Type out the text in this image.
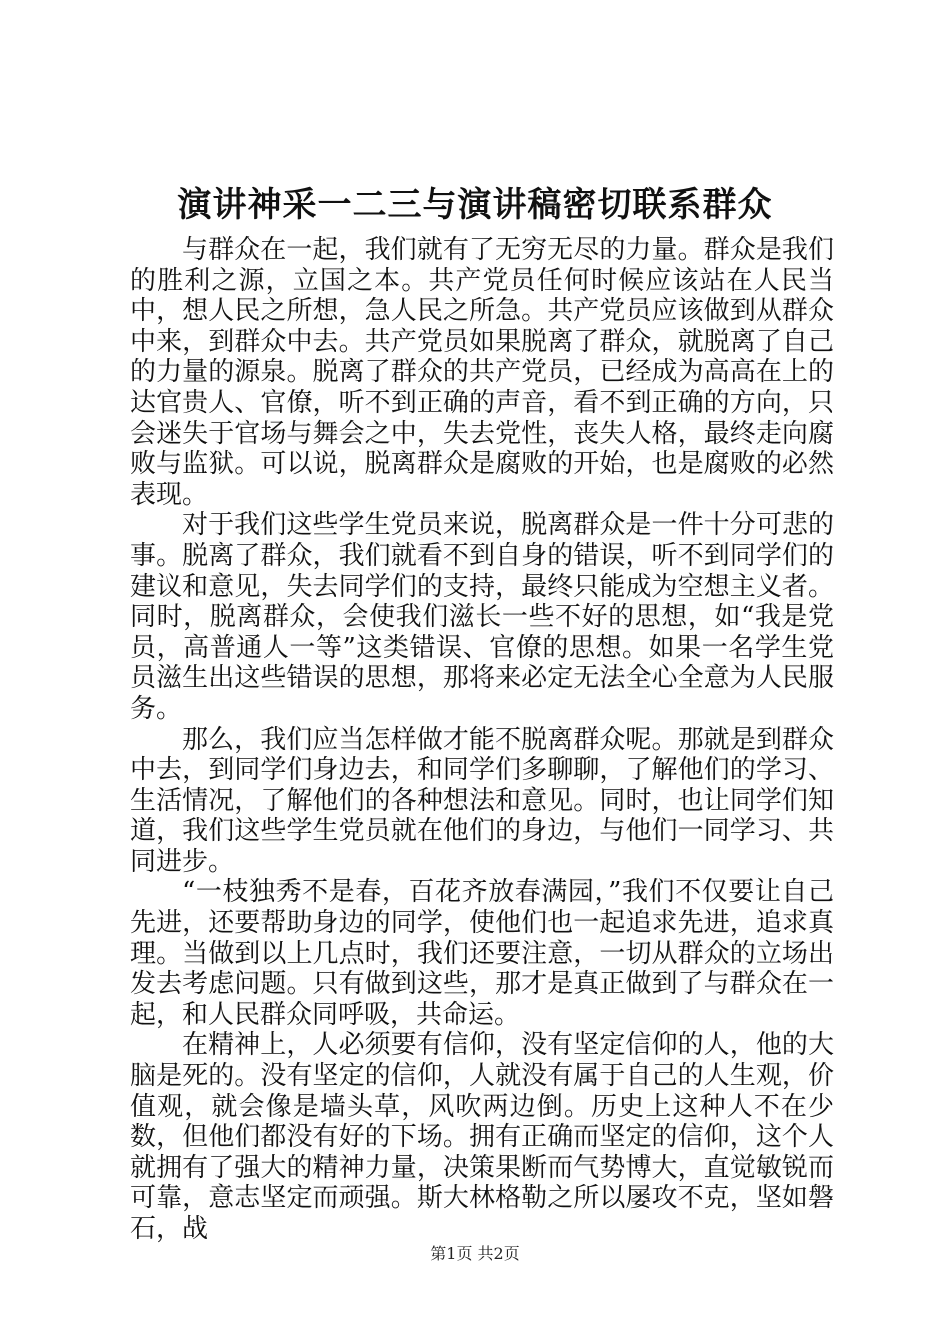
演讲神采一二三与演讲稿密切联系群众

与群众在一起，我们就有了无穷无尽的力量。群众是我们的胜利之源，立国之本。共产党员任何时候应该站在人民当中，想人民之所想，急人民之所急。共产党员应该做到从群众中来，到群众中去。共产党员如果脱离了群众，就脱离了自己的力量的源泉。脱离了群众的共产党员，已经成为高高在上的达官贵人、官僚，听不到正确的声音，看不到正确的方向，只会迷失于官场与舞会之中，失去党性，丧失人格，最终走向腐败与监狱。可以说，脱离群众是腐败的开始，也是腐败的必然表现。

对于我们这些学生党员来说，脱离群众是一件十分可悲的事。脱离了群众，我们就看不到自身的错误，听不到同学们的建议和意见，失去同学们的支持，最终只能成为空想主义者。同时，脱离群众，会使我们滋长一些不好的思想，如“我是党员，高普通人一等”这类错误、官僚的思想。如果一名学生党员滋生出这些错误的思想，那将来必定无法全心全意为人民服务。

那么，我们应当怎样做才能不脱离群众呢。那就是到群众中去，到同学们身边去，和同学们多聊聊，了解他们的学习、生活情况，了解他们的各种想法和意见。同时，也让同学们知道，我们这些学生党员就在他们的身边，与他们一同学习、共同进步。

“一枝独秀不是春，百花齐放春满园，”我们不仅要让自己先进，还要帮助身边的同学，使他们也一起追求先进，追求真理。当做到以上几点时，我们还要注意，一切从群众的立场出发去考虑问题。只有做到这些，那才是真正做到了与群众在一起，和人民群众同呼吸，共命运。

在精神上，人必须要有信仰，没有坚定信仰的人，他的大脑是死的。没有坚定的信仰，人就没有属于自己的人生观，价值观，就会像是墙头草，风吹两边倒。历史上这种人不在少数，但他们都没有好的下场。拥有正确而坚定的信仰，这个人就拥有了强大的精神力量，决策果断而气势博大，直觉敏锐而可靠，意志坚定而顽强。斯大林格勒之所以屡攻不克，坚如磐石，战

第1页 共2页
